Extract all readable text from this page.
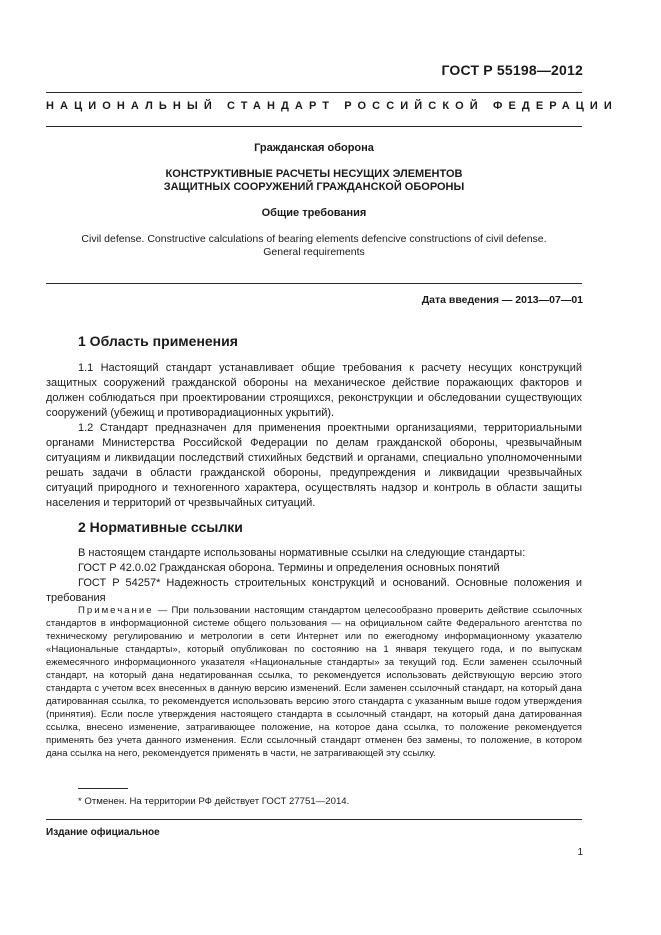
ГОСТ Р 55198—2012
НАЦИОНАЛЬНЫЙ СТАНДАРТ РОССИЙСКОЙ ФЕДЕРАЦИИ
Гражданская оборона
КОНСТРУКТИВНЫЕ РАСЧЕТЫ НЕСУЩИХ ЭЛЕМЕНТОВ
ЗАЩИТНЫХ СООРУЖЕНИЙ ГРАЖДАНСКОЙ ОБОРОНЫ
Общие требования
Civil defense. Constructive calculations of bearing elements defencive constructions of civil defense.
General requirements
Дата введения — 2013—07—01
1 Область применения

1.1 Настоящий стандарт устанавливает общие требования к расчету несущих конструкций защитных сооружений гражданской обороны на механическое действие поражающих факторов и должен соблюдаться при проектировании строящихся, реконструкции и обследовании существующих сооружений (убежищ и противорадиационных укрытий).

1.2 Стандарт предназначен для применения проектными организациями, территориальными органами Министерства Российской Федерации по делам гражданской обороны, чрезвычайным ситуациям и ликвидации последствий стихийных бедствий и органами, специально уполномоченными решать задачи в области гражданской обороны, предупреждения и ликвидации чрезвычайных ситуаций природного и техногенного характера, осуществлять надзор и контроль в области защиты населения и территорий от чрезвычайных ситуаций.

2 Нормативные ссылки

В настоящем стандарте использованы нормативные ссылки на следующие стандарты:

ГОСТ Р 42.0.02 Гражданская оборона. Термины и определения основных понятий

ГОСТ Р 54257* Надежность строительных конструкций и оснований. Основные положения и требования

Примечание — При пользовании настоящим стандартом целесообразно проверить действие ссылочных стандартов в информационной системе общего пользования — на официальном сайте Федерального агентства по техническому регулированию и метрологии в сети Интернет или по ежегодному информационному указателю «Национальные стандарты», который опубликован по состоянию на 1 января текущего года, и по выпускам ежемесячного информационного указателя «Национальные стандарты» за текущий год. Если заменен ссылочный стандарт, на который дана недатированная ссылка, то рекомендуется использовать действующую версию этого стандарта с учетом всех внесенных в данную версию изменений. Если заменен ссылочный стандарт, на который дана датированная ссылка, то рекомендуется использовать версию этого стандарта с указанным выше годом утверждения (принятия). Если после утверждения настоящего стандарта в ссылочный стандарт, на который дана датированная ссылка, внесено изменение, затрагивающее положение, на которое дана ссылка, то положение рекомендуется применять без учета данного изменения. Если ссылочный стандарт отменен без замены, то положение, в котором дана ссылка на него, рекомендуется применять в части, не затрагивающей эту ссылку.

* Отменен. На территории РФ действует ГОСТ 27751—2014.
Издание официальное
1
